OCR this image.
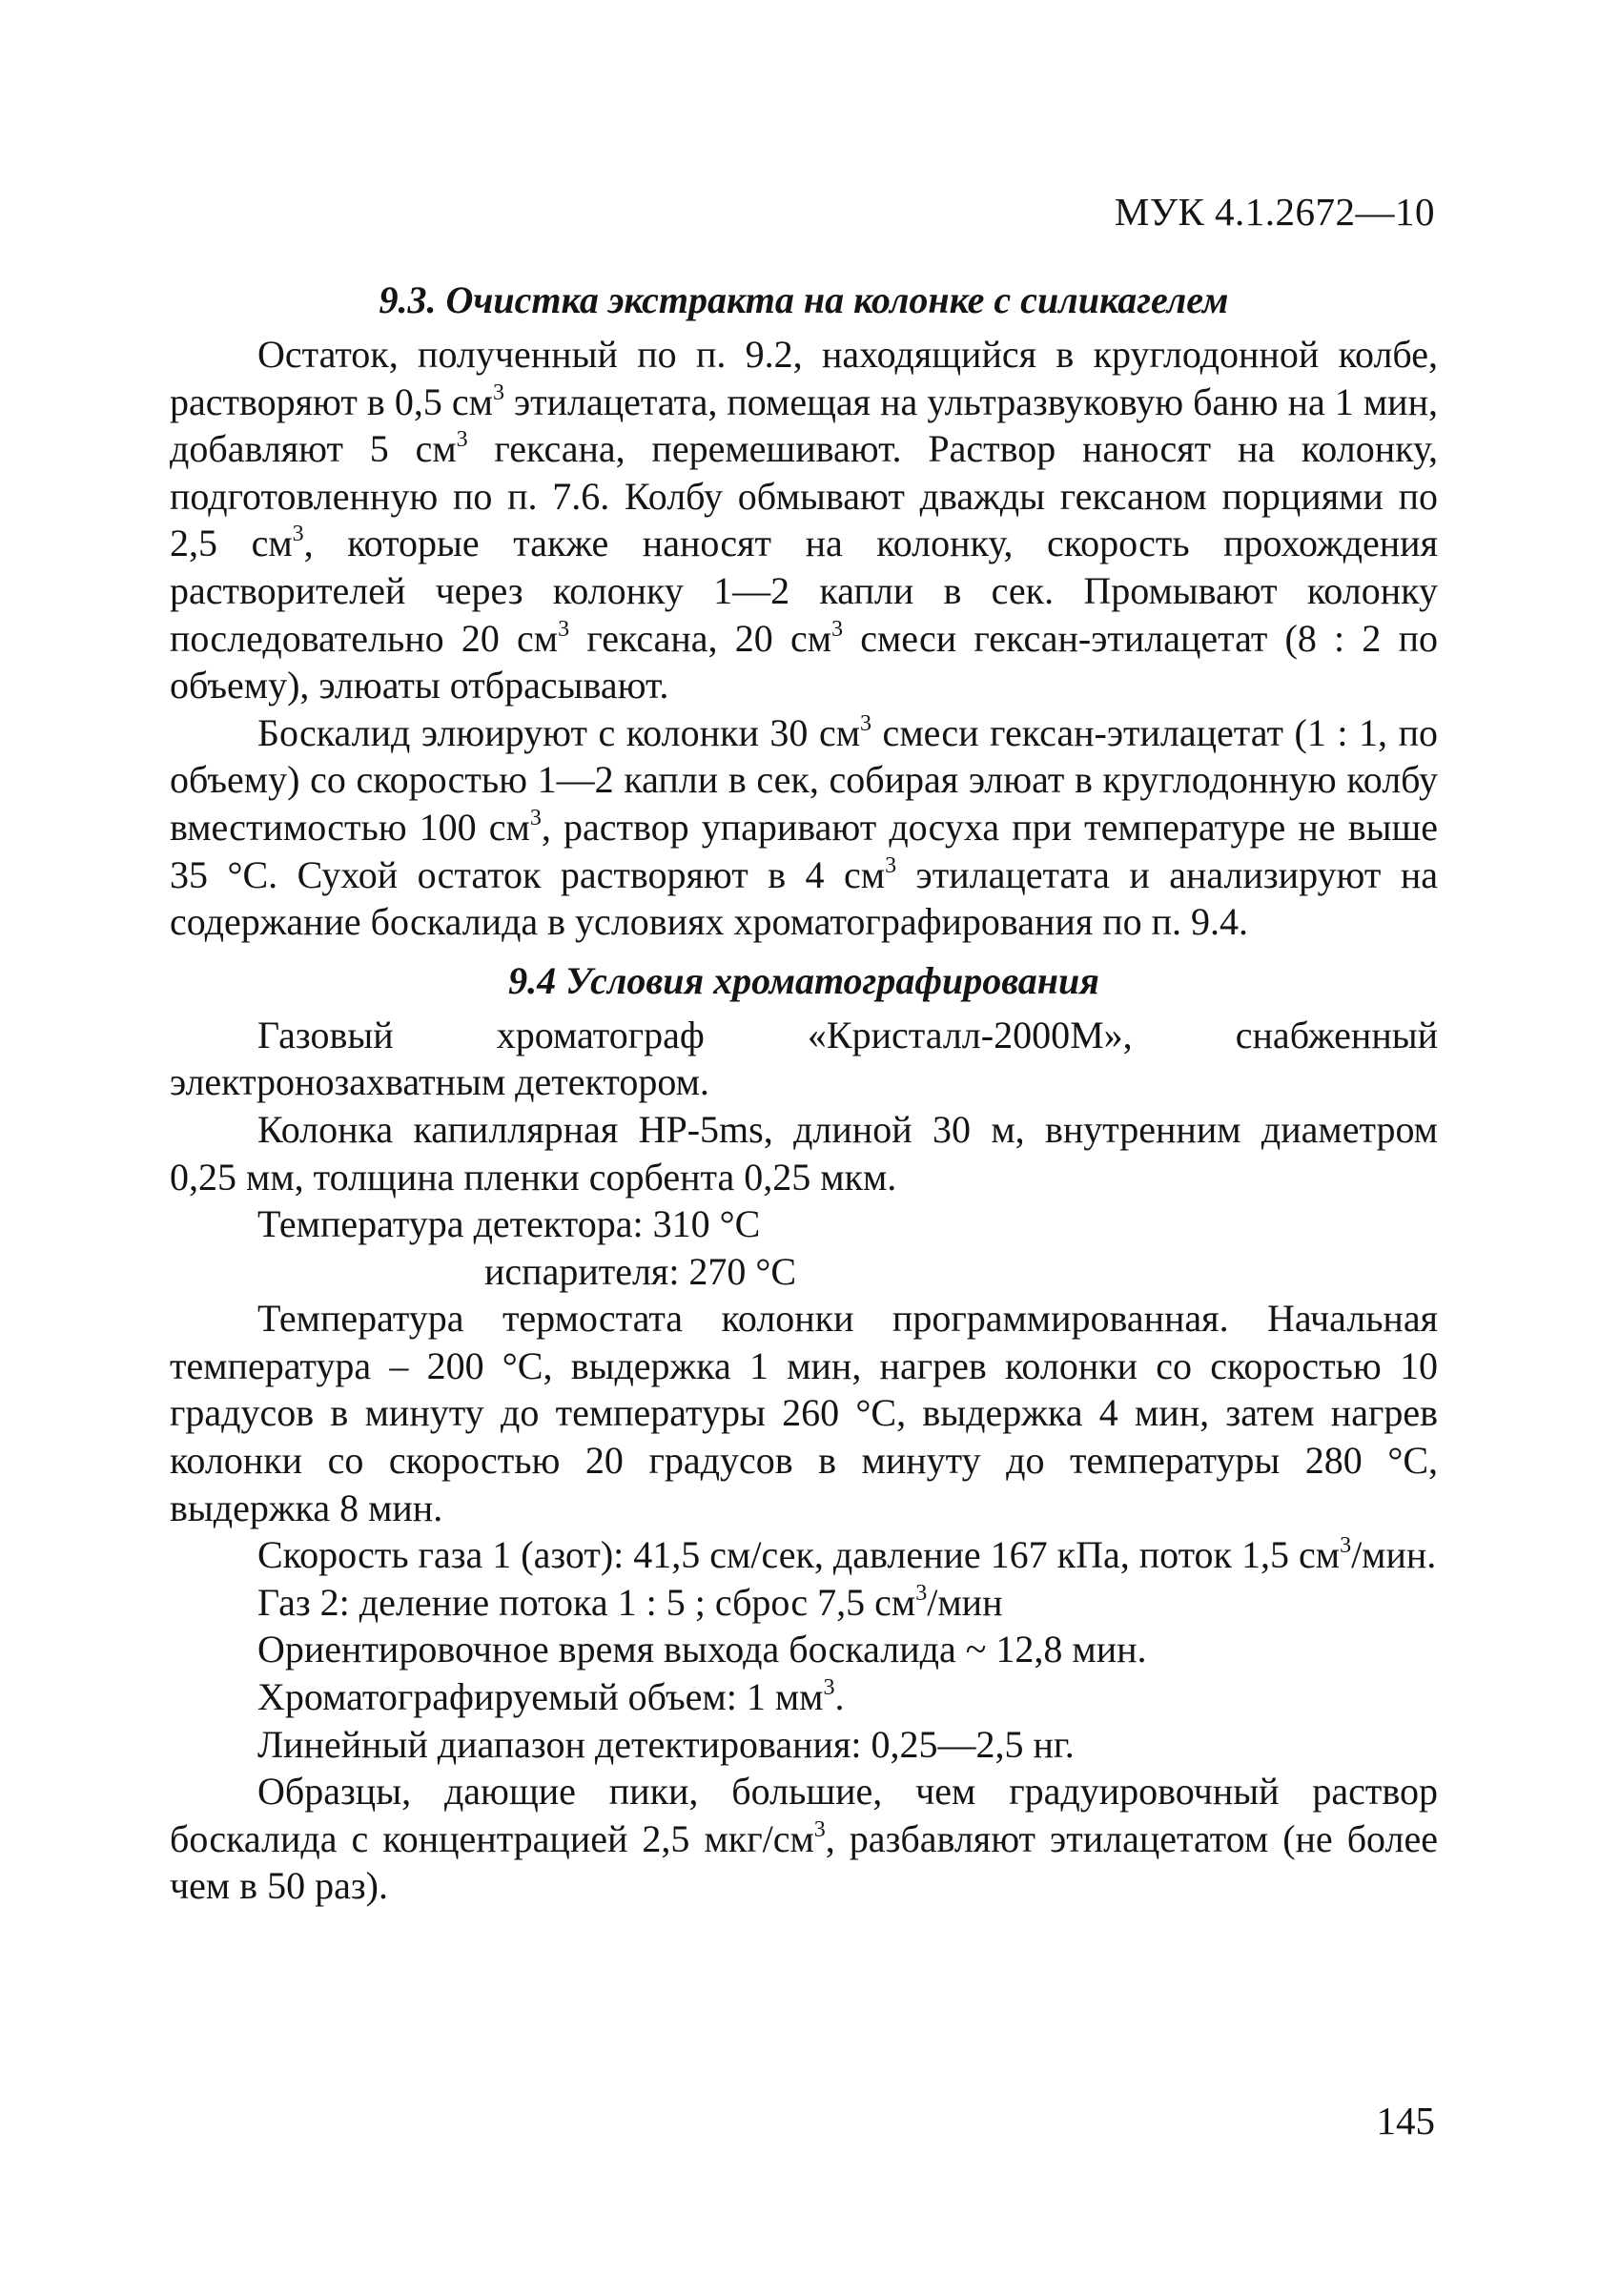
МУК 4.1.2672—10

9.3. Очистка экстракта на колонке с силикагелем

Остаток, полученный по п. 9.2, находящийся в круглодонной колбе, растворяют в 0,5 $см^3$ этилацетата, помещая на ультразвуковую баню на 1 мин, добавляют 5 $см^3$ гексана, перемешивают. Раствор наносят на колонку, подготовленную по п. 7.6. Колбу обмывают дважды гексаном порциями по 2,5 $см^3$, которые также наносят на колонку, скорость прохождения растворителей через колонку 1—2 капли в сек. Промывают колонку последовательно 20 $см^3$ гексана, 20 $см^3$ смеси гексан-этилацетат (8 : 2 по объему), элюаты отбрасывают.

Боскалид элюируют с колонки 30 $см^3$ смеси гексан-этилацетат (1 : 1, по объему) со скоростью 1—2 капли в сек, собирая элюат в круглодонную колбу вместимостью 100 $см^3$, раствор упаривают досуха при температуре не выше 35 °С. Сухой остаток растворяют в 4 $см^3$ этилацетата и анализируют на содержание боскалида в условиях хроматографирования по п. 9.4.

9.4 Условия хроматографирования

Газовый хроматограф «Кристалл-2000М», снабженный электронозахватным детектором.

Колонка капиллярная HP-5ms, длиной 30 м, внутренним диаметром 0,25 мм, толщина пленки сорбента 0,25 мкм.

Температура детектора: 310 °С

испарителя: 270 °С

Температура термостата колонки программированная. Начальная температура – 200 °С, выдержка 1 мин, нагрев колонки со скоростью 10 градусов в минуту до температуры 260 °С, выдержка 4 мин, затем нагрев колонки со скоростью 20 градусов в минуту до температуры 280 °С, выдержка 8 мин.

Скорость газа 1 (азот): 41,5 см/сек, давление 167 кПа, поток 1,5 $см^3$/мин.

Газ 2: деление потока 1 : 5 ; сброс 7,5 $см^3$/мин

Ориентировочное время выхода боскалида ~ 12,8 мин.

Хроматографируемый объем: 1 $мм^3$.

Линейный диапазон детектирования: 0,25—2,5 нг.

Образцы, дающие пики, большие, чем градуировочный раствор боскалида с концентрацией 2,5 мкг/$см^3$, разбавляют этилацетатом (не более чем в 50 раз).

145
